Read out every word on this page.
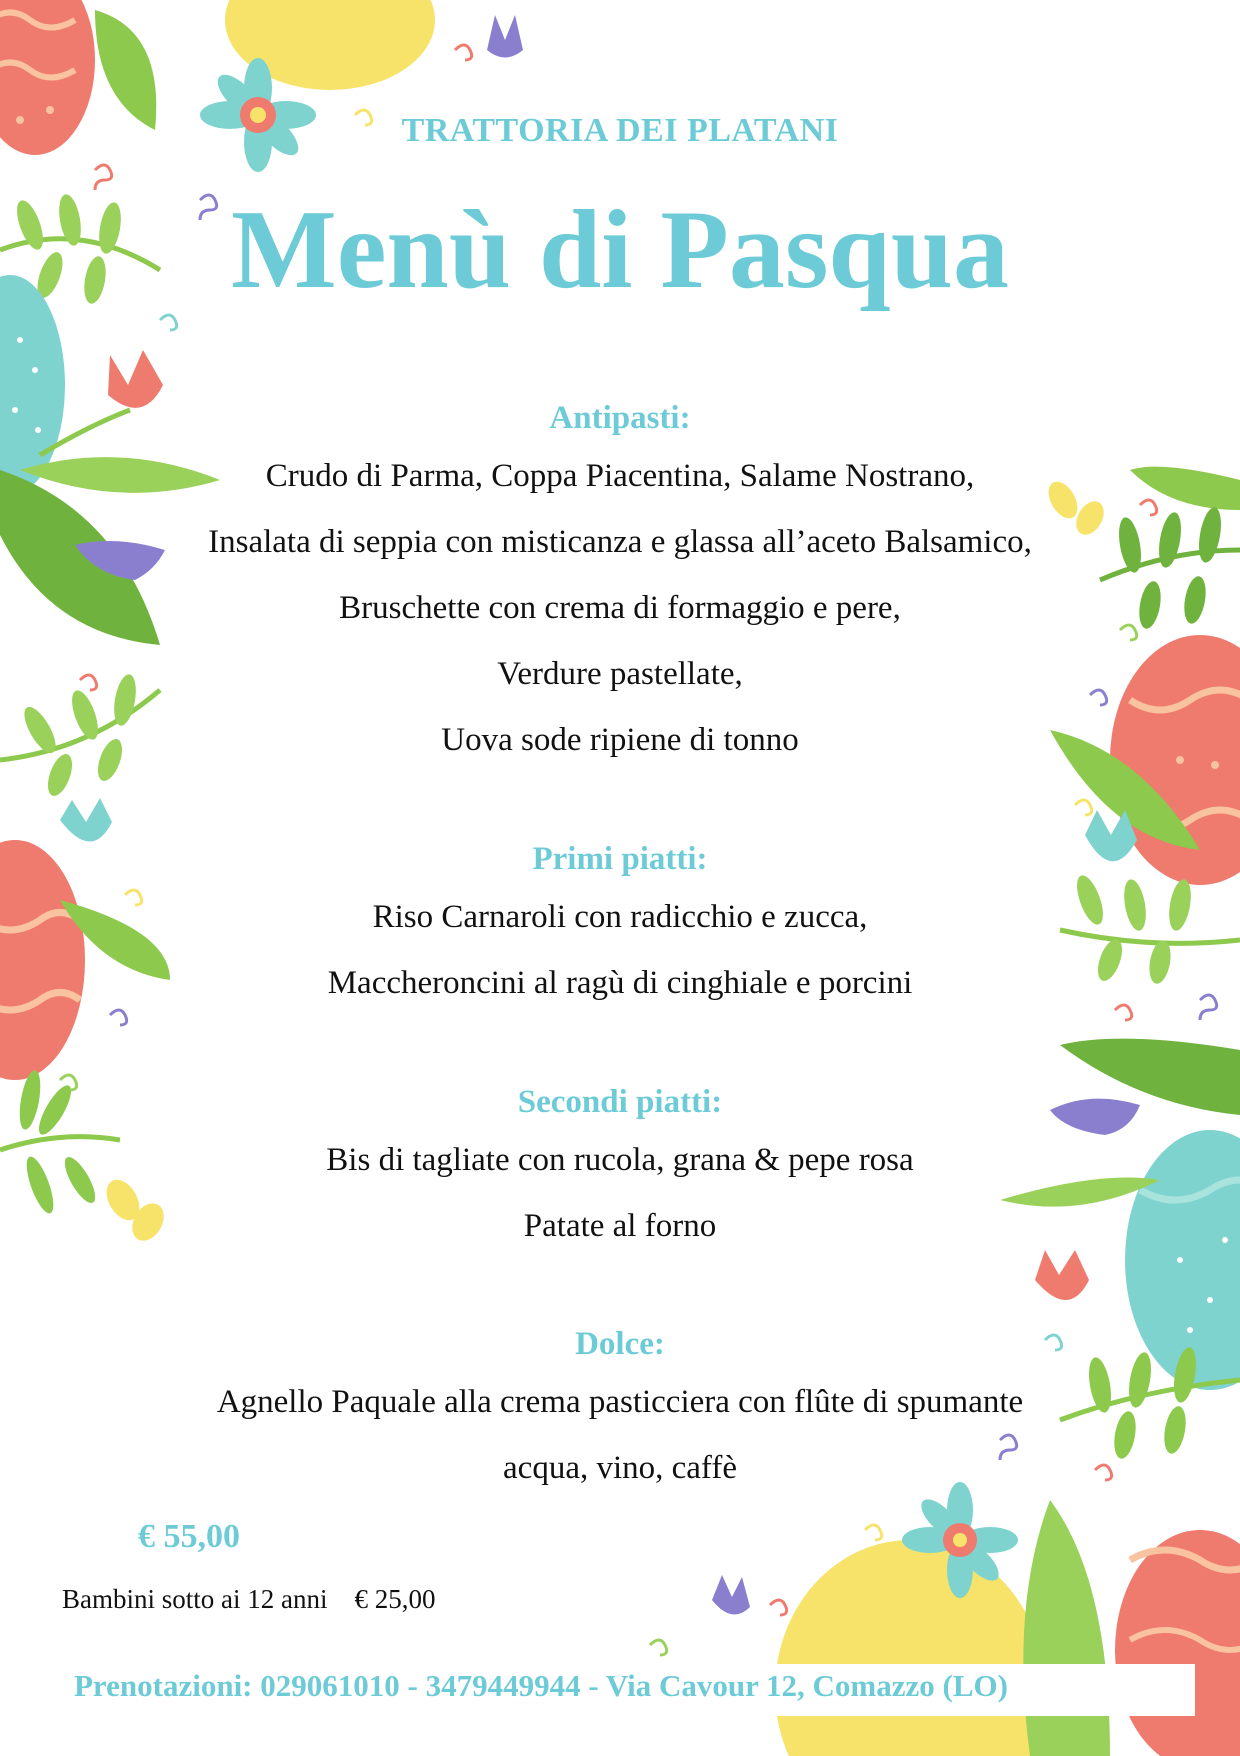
TRATTORIA DEI PLATANI
Menù di Pasqua
Antipasti:
Crudo di Parma, Coppa Piacentina, Salame Nostrano,
Insalata di seppia con misticanza e glassa all’aceto Balsamico,
Bruschette con crema di formaggio e pere,
Verdure pastellate,
Uova sode ripiene di tonno
Primi piatti:
Riso Carnaroli con radicchio e zucca,
Maccheroncini al ragù di cinghiale e porcini
Secondi piatti:
Bis di tagliate con rucola, grana & pepe rosa
Patate al forno
Dolce:
Agnello Paquale alla crema pasticciera con flûte di spumante
acqua, vino, caffè
€ 55,00
Bambini sotto ai 12 anni    € 25,00
Prenotazioni: 029061010 - 3479449944 - Via Cavour 12, Comazzo (LO)
